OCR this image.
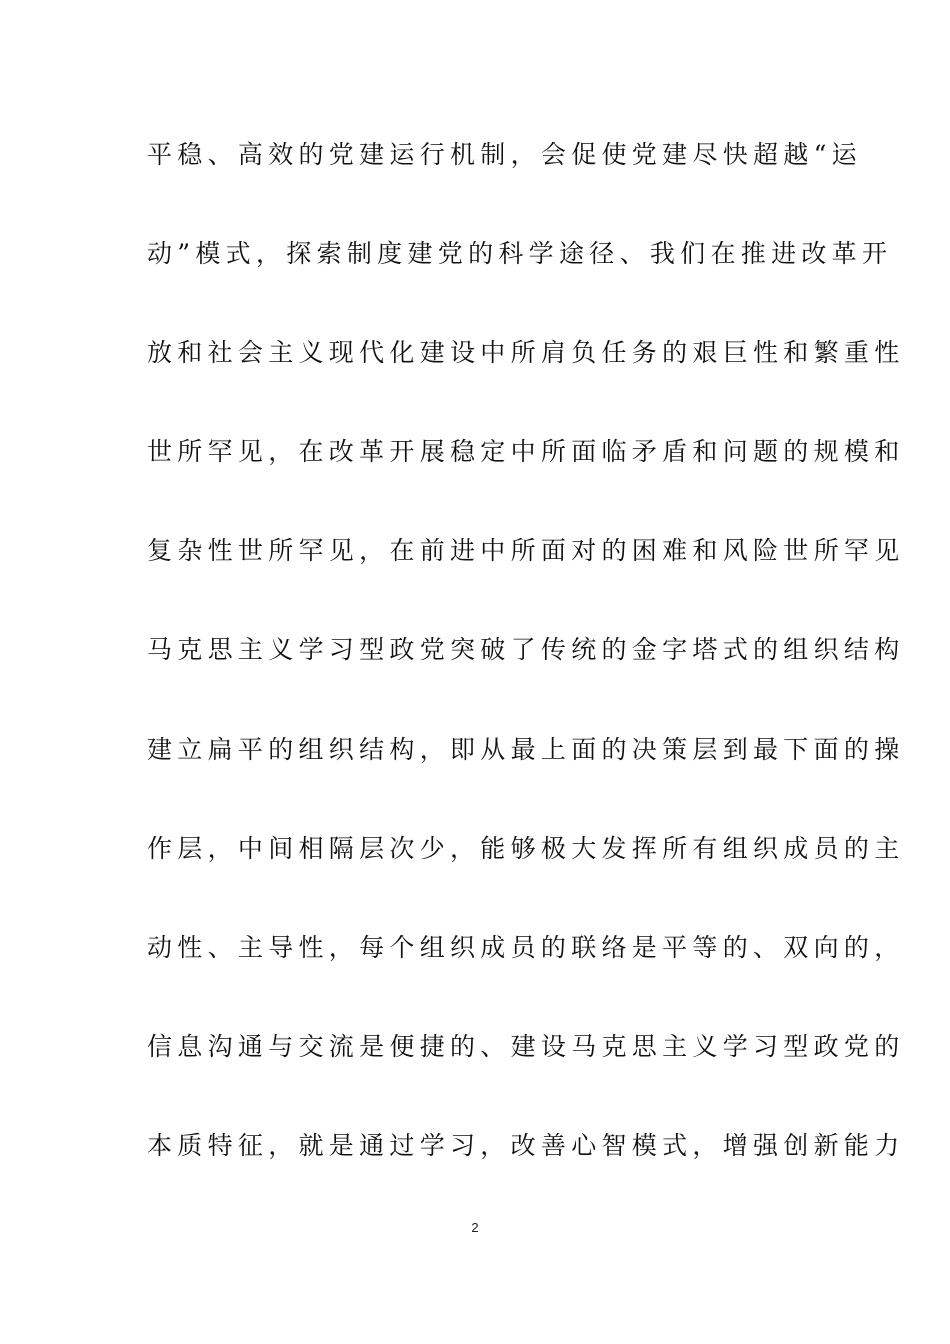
平稳、高效的党建运行机制，会促使党建尽快超越“运
动”模式，探索制度建党的科学途径、我们在推进改革开
放和社会主义现代化建设中所肩负任务的艰巨性和繁重性
世所罕见，在改革开展稳定中所面临矛盾和问题的规模和
复杂性世所罕见，在前进中所面对的困难和风险世所罕见
马克思主义学习型政党突破了传统的金字塔式的组织结构
建立扁平的组织结构，即从最上面的决策层到最下面的操
作层，中间相隔层次少，能够极大发挥所有组织成员的主
动性、主导性，每个组织成员的联络是平等的、双向的，
信息沟通与交流是便捷的、建设马克思主义学习型政党的
本质特征，就是通过学习，改善心智模式，增强创新能力
2
